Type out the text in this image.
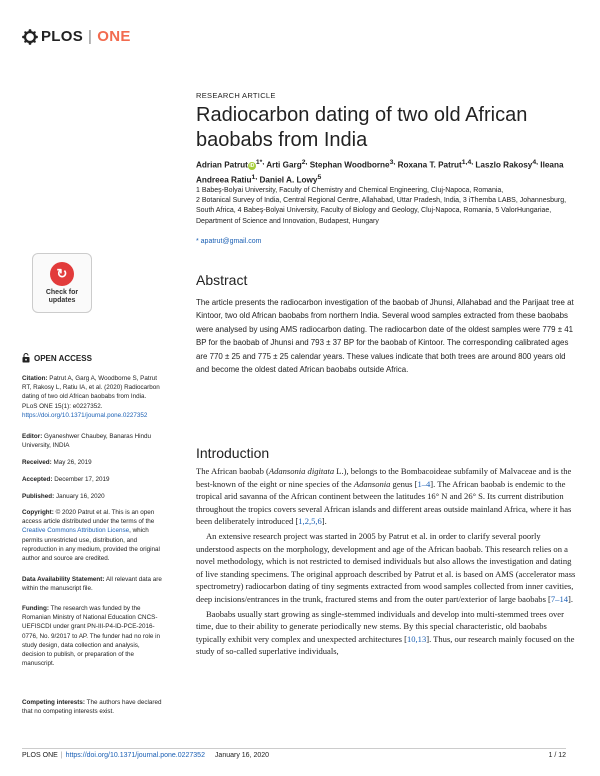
PLOS | ONE
RESEARCH ARTICLE
Radiocarbon dating of two old African baobabs from India
Adrian Patrut iD $^{1*,}$ Arti Garg$^{2,}$ Stephan Woodborne$^{3,}$ Roxana T. Patrut$^{1,4,}$ Laszlo Rakosy$^{4,}$ Ileana Andreea Ratiu$^{1,}$ Daniel A. Lowy$^5$
1 Babeş-Bolyai University, Faculty of Chemistry and Chemical Engineering, Cluj-Napoca, Romania,
2 Botanical Survey of India, Central Regional Centre, Allahabad, Uttar Pradesh, India, 3 iThemba LABS, Johannesburg, South Africa, 4 Babeş-Bolyai University, Faculty of Biology and Geology, Cluj-Napoca, Romania, 5 ValorHungariae, Department of Science and Innovation, Budapest, Hungary
* apatrut@gmail.com
↻
Check for
updates
Abstract

The article presents the radiocarbon investigation of the baobab of Jhunsi, Allahabad and the Parijaat tree at Kintoor, two old African baobabs from northern India. Several wood samples extracted from these baobabs were analysed by using AMS radiocarbon dating. The radiocarbon date of the oldest samples were 779 ± 41 BP for the baobab of Jhunsi and 793 ± 37 BP for the baobab of Kintoor. The corresponding calibrated ages are 770 ± 25 and 775 ± 25 calendar years. These values indicate that both trees are around 800 years old and become the oldest dated African baobabs outside Africa.

OPEN ACCESS
Citation: Patrut A, Garg A, Woodborne S, Patrut RT, Rakosy L, Ratiu IA, et al. (2020) Radiocarbon dating of two old African baobabs from India. PLoS ONE 15(1): e0227352. https://doi.org/10.1371/journal.pone.0227352
Editor: Gyaneshwer Chaubey, Banaras Hindu University, INDIA
Received: May 26, 2019
Accepted: December 17, 2019
Published: January 16, 2020
Copyright: © 2020 Patrut et al. This is an open access article distributed under the terms of the Creative Commons Attribution License, which permits unrestricted use, distribution, and reproduction in any medium, provided the original author and source are credited.
Data Availability Statement: All relevant data are within the manuscript file.
Funding: The research was funded by the Romanian Ministry of National Education CNCS-UEFISCDI under grant PN-III-P4-ID-PCE-2016-0776, No. 9/2017 to AP. The funder had no role in study design, data collection and analysis, decision to publish, or preparation of the manuscript.
Competing interests: The authors have declared that no competing interests exist.
Introduction

The African baobab (Adansonia digitata L.), belongs to the Bombacoideae subfamily of Malvaceae and is the best-known of the eight or nine species of the Adansonia genus [1–4]. The African baobab is endemic to the tropical arid savanna of the African continent between the latitudes 16° N and 26° S. Its current distribution throughout the tropics covers several African islands and different areas outside mainland Africa, where it has been deliberately introduced [1,2,5,6].

An extensive research project was started in 2005 by Patrut et al. in order to clarify several poorly understood aspects on the morphology, development and age of the African baobab. This research relies on a novel methodology, which is not restricted to demised individuals but also allows the investigation and dating of live standing specimens. The original approach described by Patrut et al. is based on AMS (accelerator mass spectrometry) radiocarbon dating of tiny segments extracted from wood samples collected from inner cavities, deep incisions/entrances in the trunk, fractured stems and from the outer part/exterior of large baobabs [7–14].

Baobabs usually start growing as single-stemmed individuals and develop into multi-stemmed trees over time, due to their ability to generate periodically new stems. By this special characteristic, old baobabs typically exhibit very complex and unexpected architectures [10,13]. Thus, our research mainly focused on the study of so-called superlative individuals,

PLOS ONE | https://doi.org/10.1371/journal.pone.0227352 January 16, 2020	1 / 12
